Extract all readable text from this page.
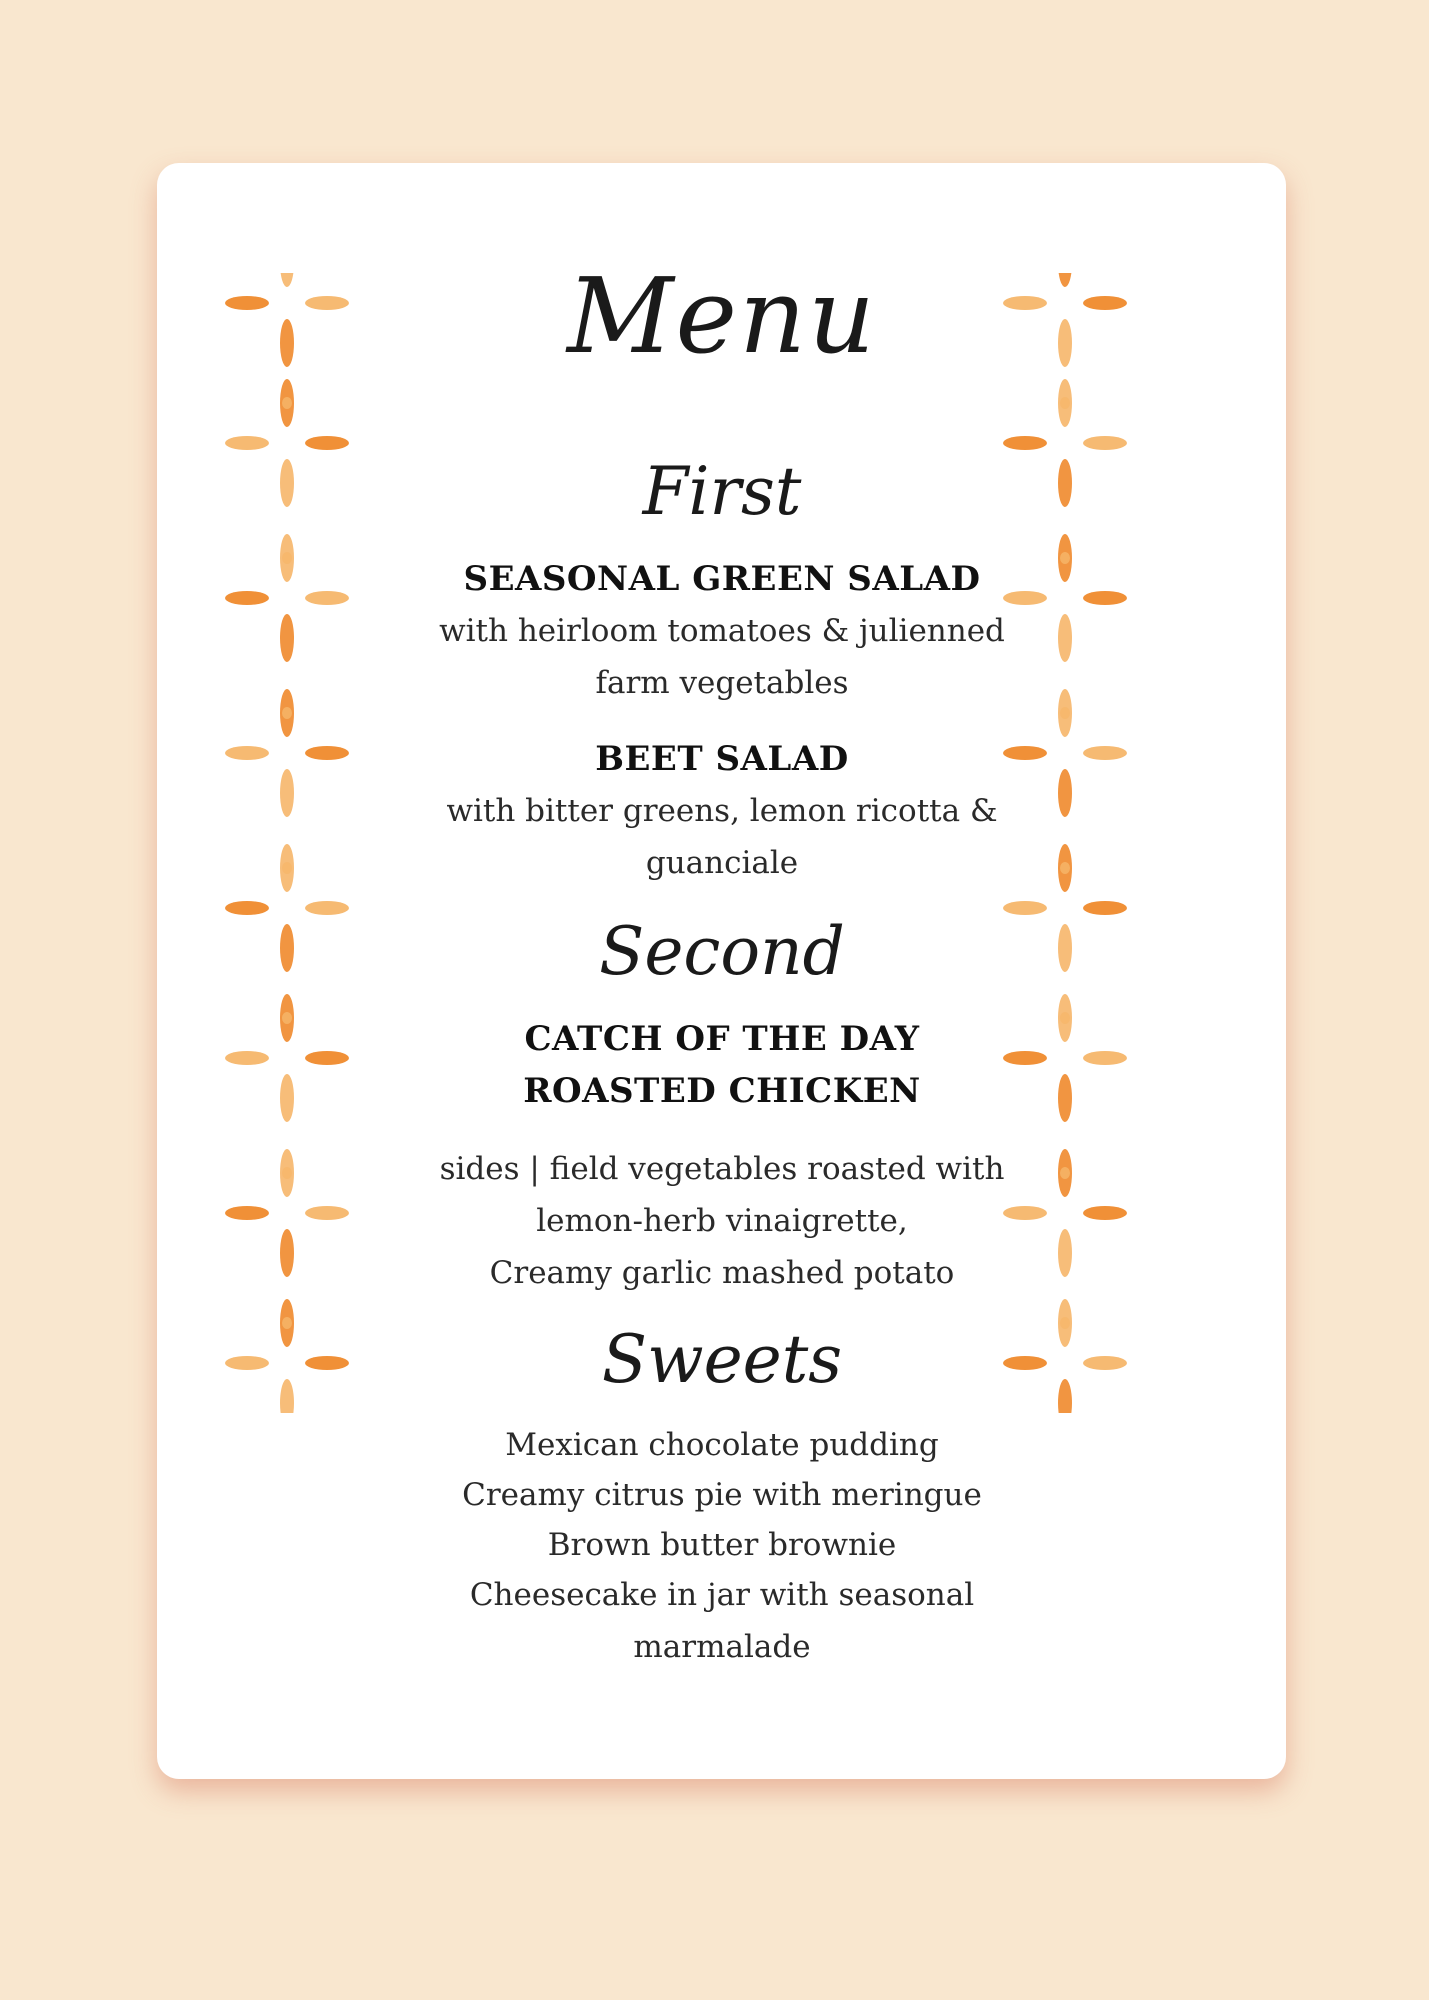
Menu
First
SEASONAL GREEN SALAD
with heirloom tomatoes & julienned
farm vegetables
BEET SALAD
with bitter greens, lemon ricotta &
guanciale
Second
CATCH OF THE DAY
ROASTED CHICKEN
sides | field vegetables roasted with
lemon-herb vinaigrette,
Creamy garlic mashed potato
Sweets
Mexican chocolate pudding
Creamy citrus pie with meringue
Brown butter brownie
Cheesecake in jar with seasonal
marmalade
